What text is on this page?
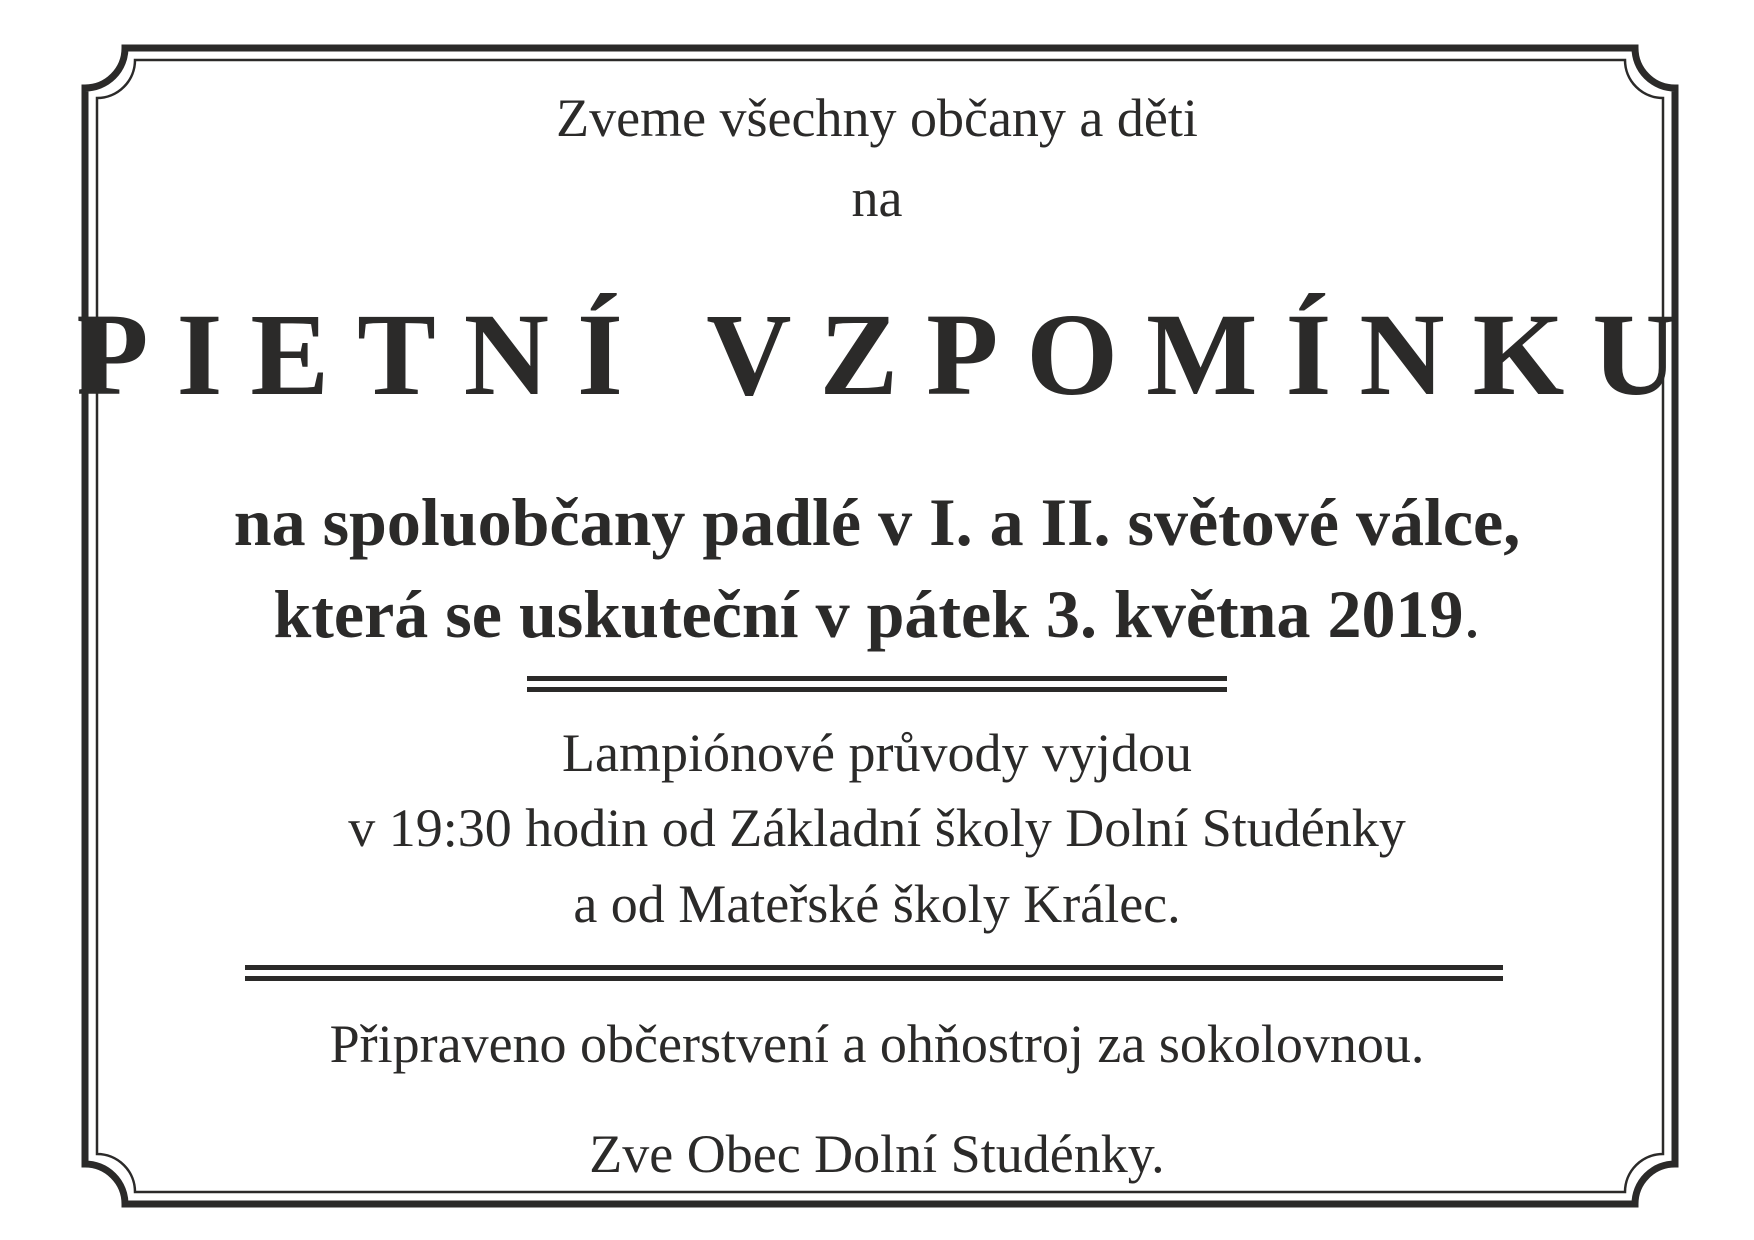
Zveme všechny občany a děti
na
PIETNÍ VZPOMÍNKU
na spoluobčany padlé v I. a II. světové válce,
která se uskuteční v pátek 3. května 2019.
Lampiónové průvody vyjdou
v 19:30 hodin od Základní školy Dolní Studénky
a od Mateřské školy Králec.
Připraveno občerstvení a ohňostroj za sokolovnou.
Zve Obec Dolní Studénky.
